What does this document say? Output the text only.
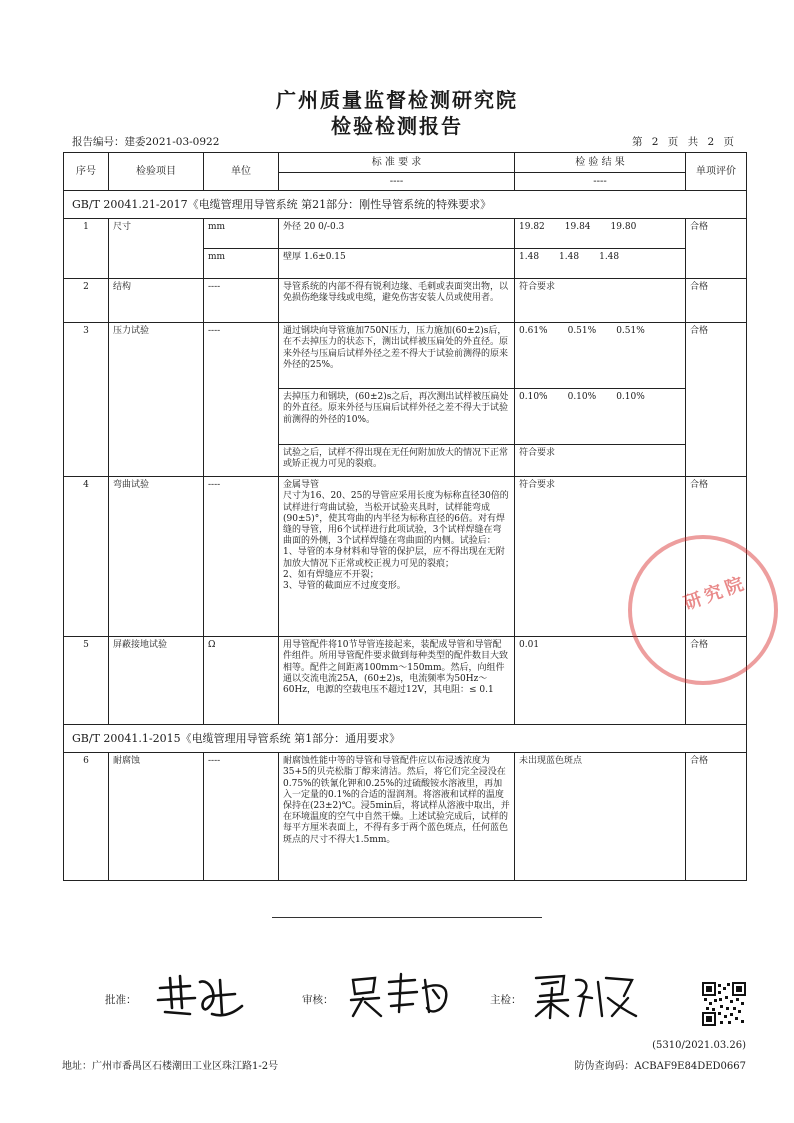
广州质量监督检测研究院
检验检测报告
报告编号：建委2021-03-0922	第 2 页 共 2 页
序号	检验项目	单位	标 准 要 求	检 验 结 果	单项评价
			----	----	
GB/T 20041.21-2017《电缆管理用导管系统 第21部分：刚性导管系统的特殊要求》					
1	尺寸	mm	外径 20 0/-0.3	19.82 19.84 19.80	合格
		mm	壁厚 1.6±0.15	1.48 1.48 1.48	

2	结构	----	导管系统的内部不得有锐利边缘、毛刺或表面突出物，以免损伤绝缘导线或电缆，避免伤害安装人员或使用者。	符合要求	合格
3	压力试验	----	通过钢块向导管施加750N压力，压力施加(60±2)s后，在不去掉压力的状态下，测出试样被压扁处的外直径。原来外径与压扁后试样外径之差不得大于试验前测得的原来外径的25%。	0.61% 0.51% 0.51%	合格
			去掉压力和钢块，(60±2)s之后，再次测出试样被压扁处的外直径。原来外径与压扁后试样外径之差不得大于试验前测得的外径的10%。	0.10% 0.10% 0.10%	

			试验之后，试样不得出现在无任何附加放大的情况下正常或矫正视力可见的裂痕。	符合要求	
4	弯曲试验	----	金属导管
尺寸为16、20、25的导管应采用长度为标称直径30倍的试样进行弯曲试验，当松开试验夹具时，试样能弯成(90±5)°，使其弯曲的内半径为标称直径的6倍。对有焊缝的导管，用6个试样进行此项试验，3个试样焊缝在弯曲面的外侧，3个试样焊缝在弯曲面的内侧。试验后：
1、导管的本身材料和导管的保护层，应不得出现在无附加放大情况下正常或校正视力可见的裂痕；
2、如有焊缝应不开裂；
3、导管的截面应不过度变形。	符合要求	合格
5	屏蔽接地试验	Ω	用导管配件将10节导管连接起来，装配成导管和导管配件组件。所用导管配件要求做到每种类型的配件数目大致相等。配件之间距离100mm～150mm。然后，向组件通以交流电流25A，(60±2)s，电流频率为50Hz～60Hz，电源的空载电压不超过12V，其电阻：≤ 0.1	0.01	合格
GB/T 20041.1-2015《电缆管理用导管系统 第1部分：通用要求》					
6	耐腐蚀	----	耐腐蚀性能中等的导管和导管配件应以布浸透浓度为35+5的贝壳松脂丁醇来清洁。然后，将它们完全浸没在0.75%的铁氰化钾和0.25%的过硫酸铵水溶液里，再加入一定量的0.1%的合适的湿润剂。将溶液和试样的温度保持在(23±2)℃。浸5min后，将试样从溶液中取出，并在环境温度的空气中自然干燥。上述试验完成后，试样的每平方厘米表面上，不得有多于两个蓝色斑点，任何蓝色斑点的尺寸不得大1.5mm。	未出现蓝色斑点	合格
研究院
批准：	审核：	主检：
(5310/2021.03.26)
地址：广州市番禺区石楼潮田工业区珠江路1-2号	防伪查询码：ACBAF9E84DED0667
